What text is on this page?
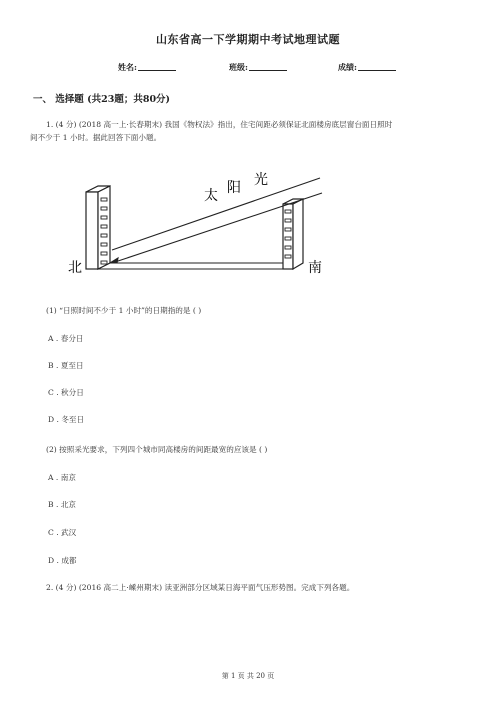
山东省高一下学期期中考试地理试题
姓名:	班级:	成绩:
一、 选择题 (共23题；共80分)
1. (4 分) (2018 高一上·长春期末) 我国《物权法》指出，住宅间距必须保证北面楼房底层窗台面日照时
间不少于 1 小时。据此回答下面小题。
太 阳 光
北	南
(1) “日照时间不少于 1 小时”的日期指的是 ( )
A . 春分日
B . 夏至日
C . 秋分日
D . 冬至日
(2) 按照采光要求，下列四个城市同高楼房的间距最宽的应该是 ( )
A . 南京
B . 北京
C . 武汉
D . 成都
2. (4 分) (2016 高二上·嵊州期末) 读亚洲部分区域某日海平面气压形势图。完成下列各题。
第 1 页 共 20 页
